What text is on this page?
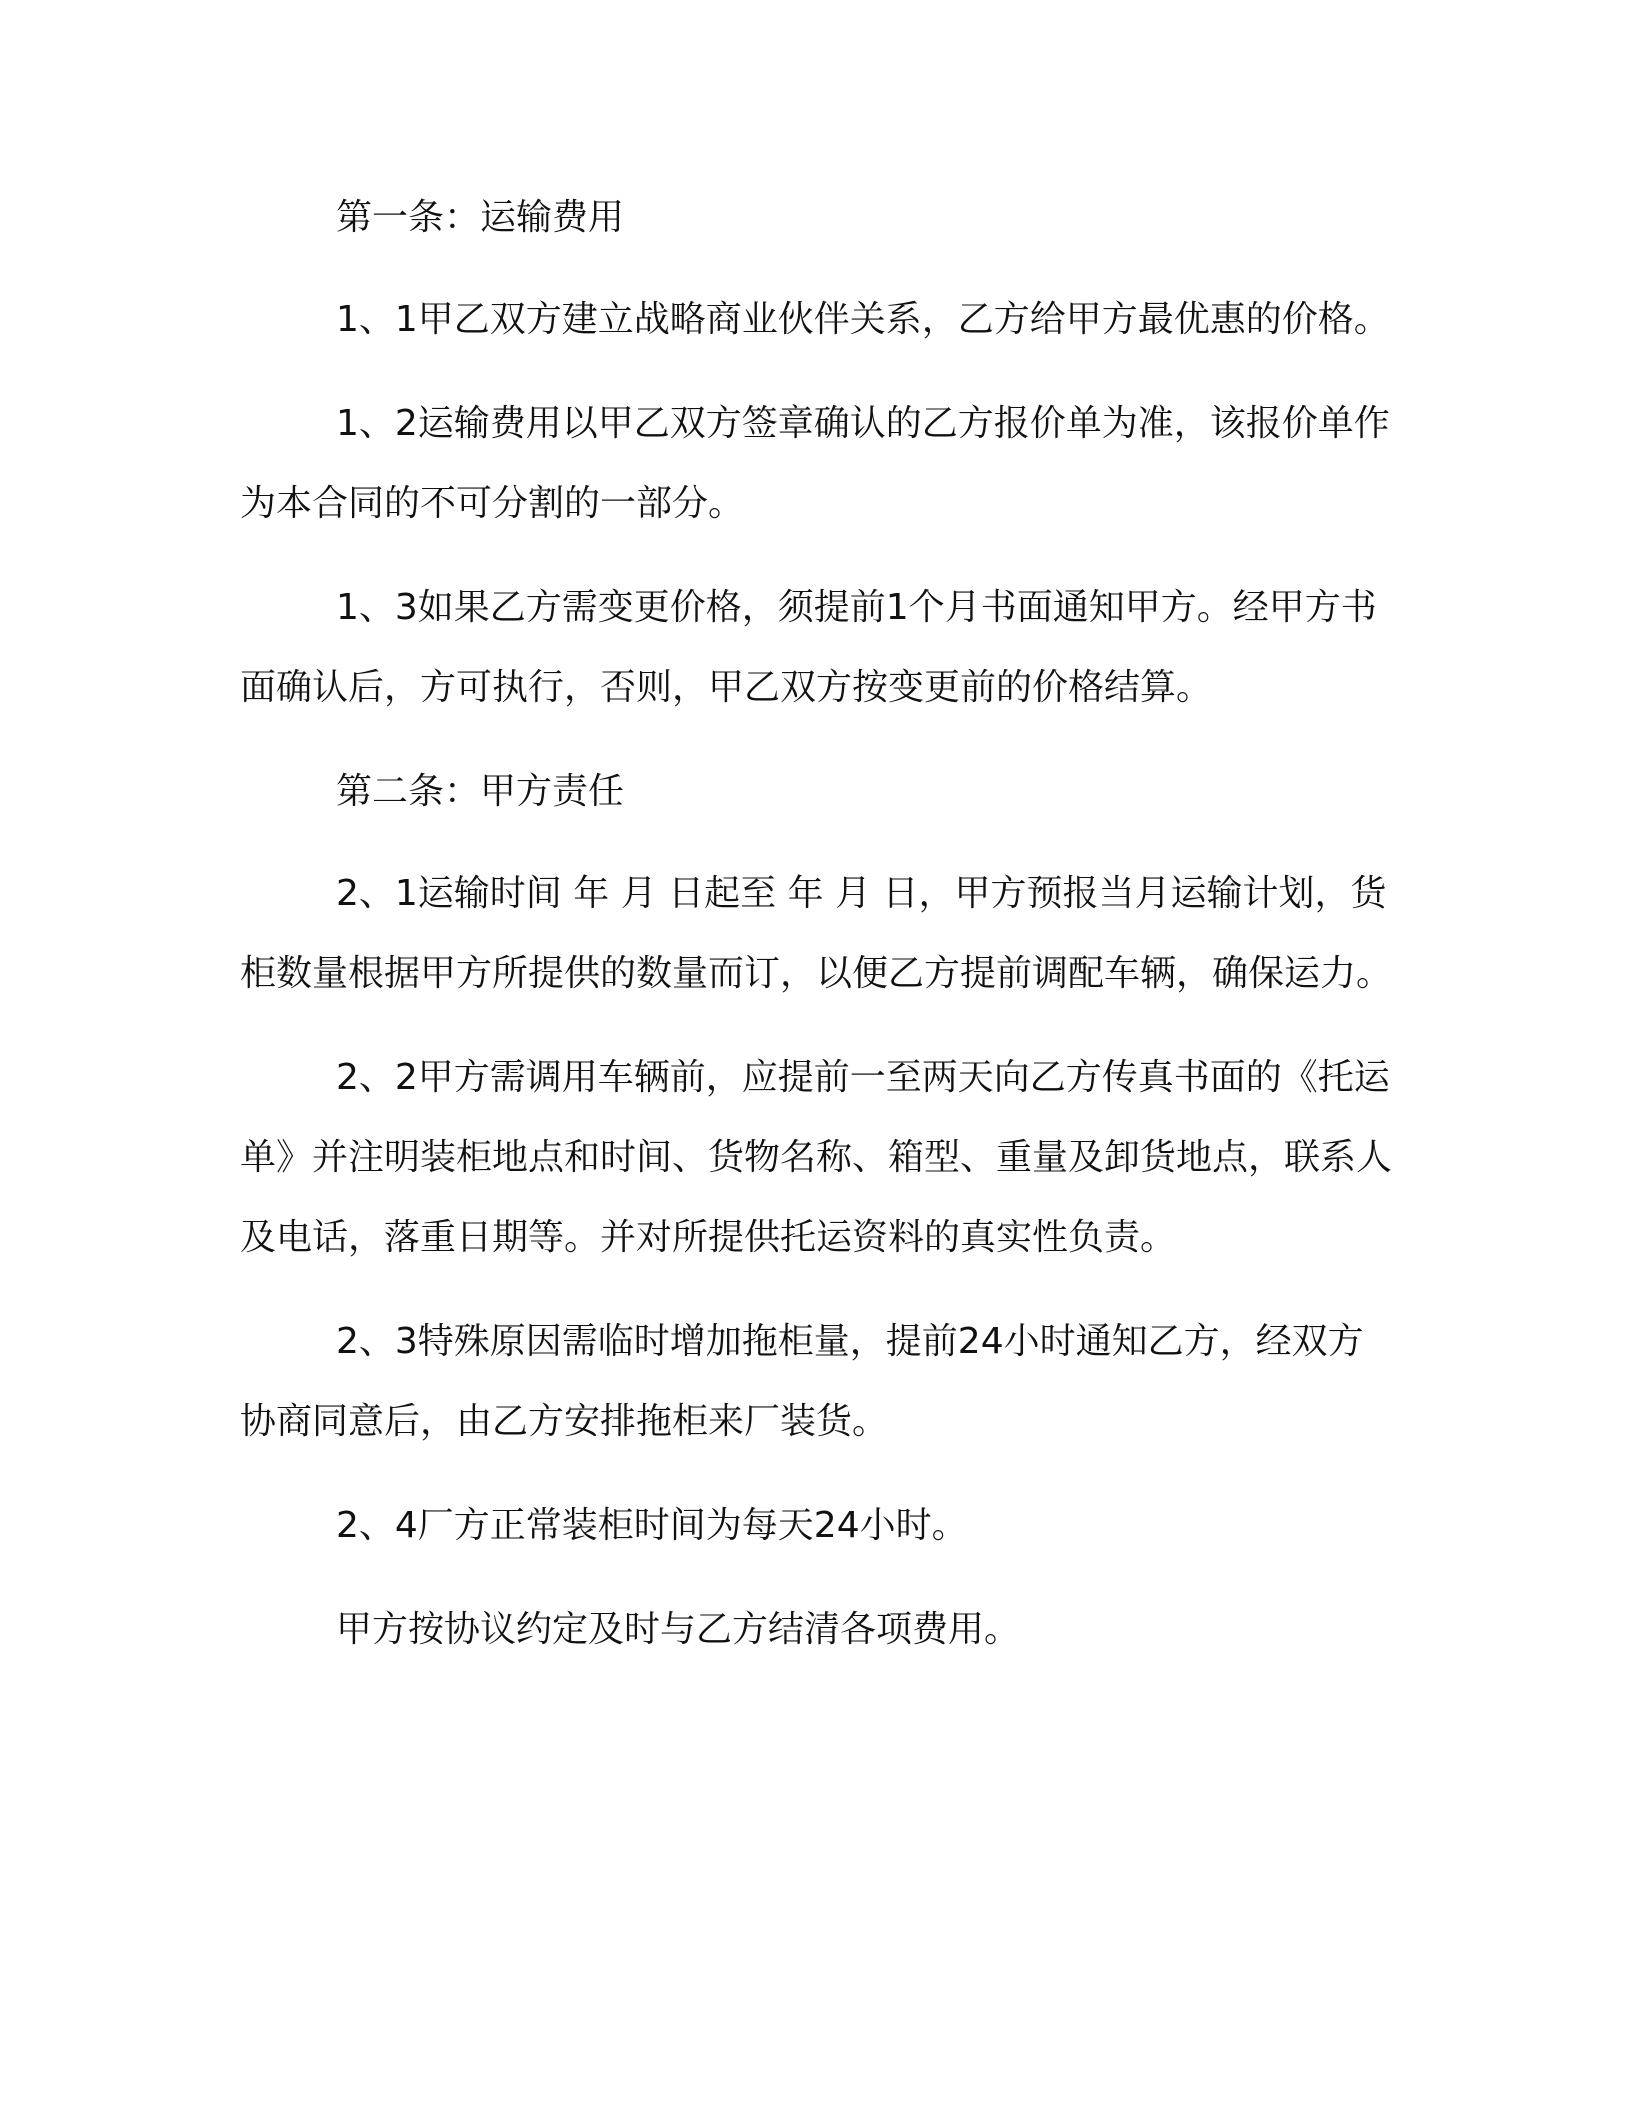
第一条：运输费用

1、1甲乙双方建立战略商业伙伴关系，乙方给甲方最优惠的价格。

1、2运输费用以甲乙双方签章确认的乙方报价单为准，该报价单作为本合同的不可分割的一部分。

1、3如果乙方需变更价格，须提前1个月书面通知甲方。经甲方书面确认后，方可执行，否则，甲乙双方按变更前的价格结算。

第二条：甲方责任

2、1运输时间 年 月 日起至 年 月 日，甲方预报当月运输计划，货柜数量根据甲方所提供的数量而订，以便乙方提前调配车辆，确保运力。

2、2甲方需调用车辆前，应提前一至两天向乙方传真书面的《托运单》并注明装柜地点和时间、货物名称、箱型、重量及卸货地点，联系人及电话，落重日期等。并对所提供托运资料的真实性负责。

2、3特殊原因需临时增加拖柜量，提前24小时通知乙方，经双方协商同意后，由乙方安排拖柜来厂装货。

2、4厂方正常装柜时间为每天24小时。

甲方按协议约定及时与乙方结清各项费用。
